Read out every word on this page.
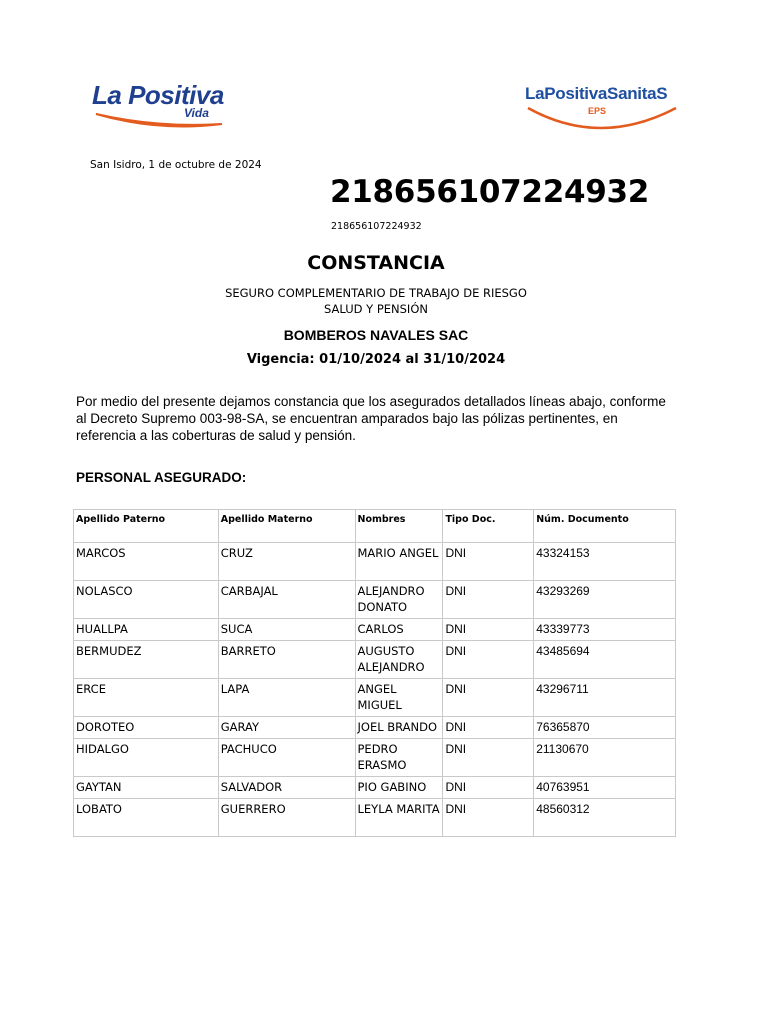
La Positiva
Vida
LaPositivaSanitaS
EPS
San Isidro, 1 de octubre de 2024
218656107224932
218656107224932
CONSTANCIA
SEGURO COMPLEMENTARIO DE TRABAJO DE RIESGO
SALUD Y PENSIÓN
BOMBEROS NAVALES SAC
Vigencia: 01/10/2024 al 31/10/2024
Por medio del presente dejamos constancia que los asegurados detallados líneas abajo, conforme al Decreto Supremo 003-98-SA, se encuentran amparados bajo las pólizas pertinentes, en referencia a las coberturas de salud y pensión.
PERSONAL ASEGURADO:
Apellido Paterno	Apellido Materno	Nombres	Tipo Doc.	Núm. Documento
MARCOS	CRUZ	MARIO ANGEL	DNI	43324153
NOLASCO	CARBAJAL	ALEJANDRO DONATO	DNI	43293269
HUALLPA	SUCA	CARLOS	DNI	43339773
BERMUDEZ	BARRETO	AUGUSTO ALEJANDRO	DNI	43485694
ERCE	LAPA	ANGEL MIGUEL	DNI	43296711
DOROTEO	GARAY	JOEL BRANDO	DNI	76365870
HIDALGO	PACHUCO	PEDRO ERASMO	DNI	21130670
GAYTAN	SALVADOR	PIO GABINO	DNI	40763951
LOBATO	GUERRERO	LEYLA MARITA	DNI	48560312
